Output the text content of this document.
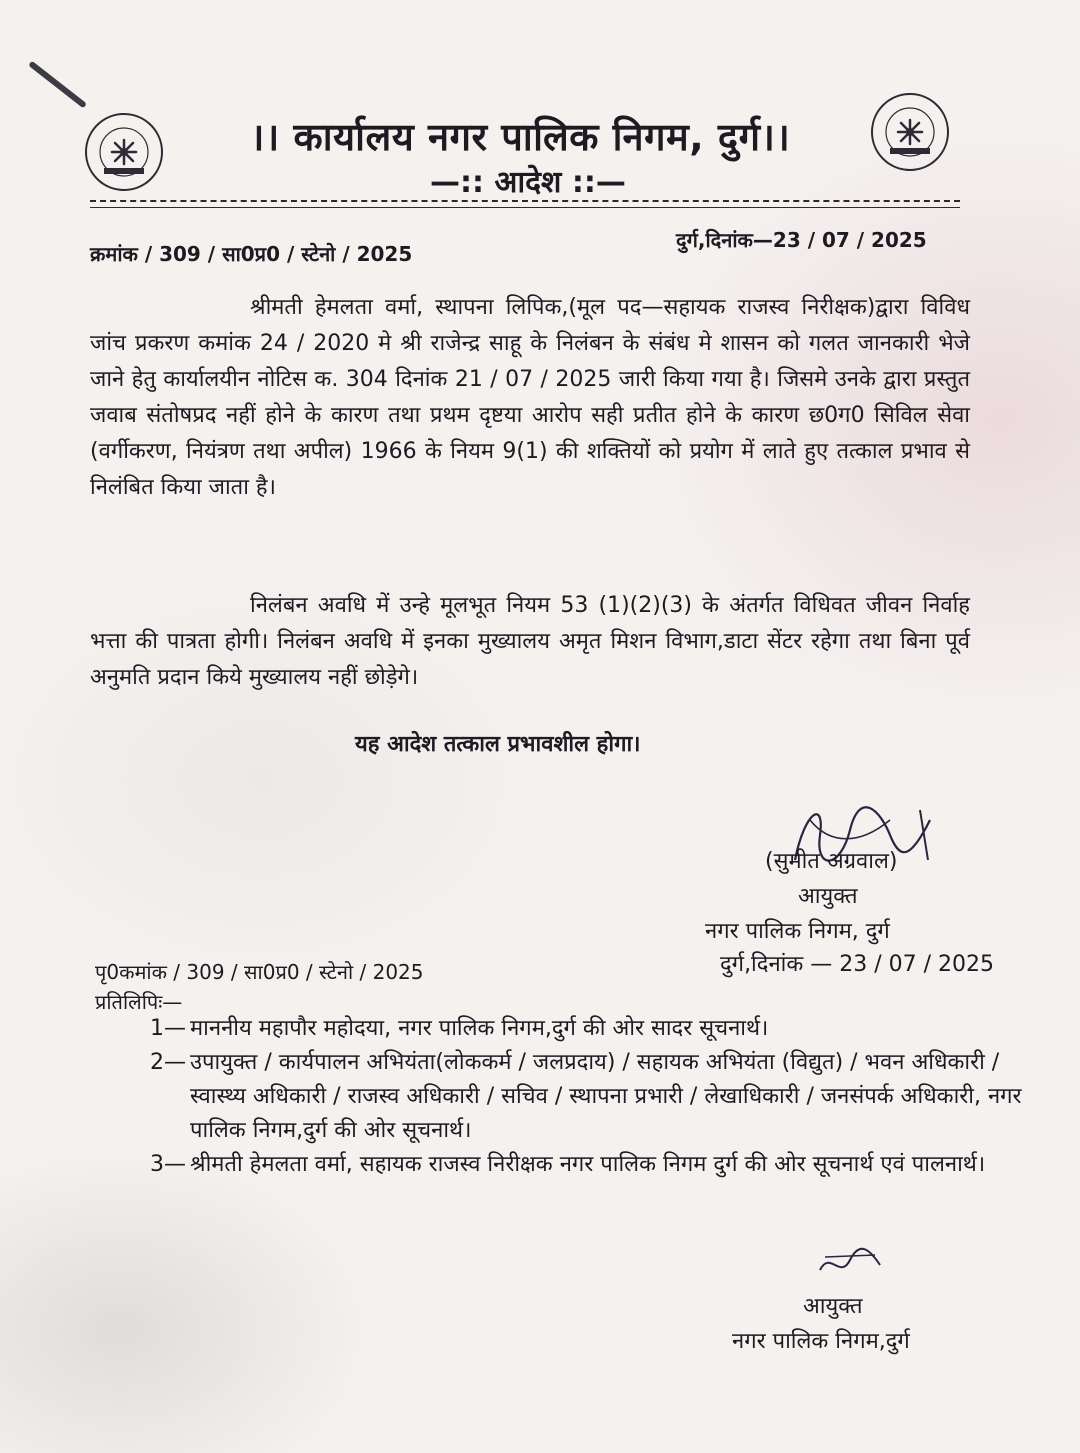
।। कार्यालय नगर पालिक निगम, दुर्ग।।
—:: आदेश ::—
क्रमांक / 309 / सा0प्र0 / स्टेनो / 2025
दुर्ग,दिनांक—23 / 07 / 2025
श्रीमती हेमलता वर्मा, स्थापना लिपिक,(मूल पद—सहायक राजस्व निरीक्षक)द्वारा विविध जांच प्रकरण कमांक 24 / 2020 मे श्री राजेन्द्र साहू के निलंबन के संबंध मे शासन को गलत जानकारी भेजे जाने हेतु कार्यालयीन नोटिस क. 304 दिनांक 21 / 07 / 2025 जारी किया गया है। जिसमे उनके द्वारा प्रस्तुत जवाब संतोषप्रद नहीं होने के कारण तथा प्रथम दृष्टया आरोप सही प्रतीत होने के कारण छ0ग0 सिविल सेवा (वर्गीकरण, नियंत्रण तथा अपील) 1966 के नियम 9(1) की शक्तियों को प्रयोग में लाते हुए तत्काल प्रभाव से निलंबित किया जाता है।
निलंबन अवधि में उन्हे मूलभूत नियम 53 (1)(2)(3) के अंतर्गत विधिवत जीवन निर्वाह भत्ता की पात्रता होगी। निलंबन अवधि में इनका मुख्यालय अमृत मिशन विभाग,डाटा सेंटर रहेगा तथा बिना पूर्व अनुमति प्रदान किये मुख्यालय नहीं छोड़ेगे।
यह आदेश तत्काल प्रभावशील होगा।
(सुमीत अग्रवाल)
आयुक्त
नगर पालिक निगम, दुर्ग
पृ0कमांक / 309 / सा0प्र0 / स्टेनो / 2025	दुर्ग,दिनांक — 23 / 07 / 2025
प्रतिलिपिः—
1— माननीय महापौर महोदया, नगर पालिक निगम,दुर्ग की ओर सादर सूचनार्थ।
2— उपायुक्त / कार्यपालन अभियंता(लोककर्म / जलप्रदाय) / सहायक अभियंता (विद्युत) / भवन अधिकारी / स्वास्थ्य अधिकारी / राजस्व अधिकारी / सचिव / स्थापना प्रभारी / लेखाधिकारी / जनसंपर्क अधिकारी, नगर पालिक निगम,दुर्ग की ओर सूचनार्थ।
3— श्रीमती हेमलता वर्मा, सहायक राजस्व निरीक्षक नगर पालिक निगम दुर्ग की ओर सूचनार्थ एवं पालनार्थ।
आयुक्त
नगर पालिक निगम,दुर्ग
